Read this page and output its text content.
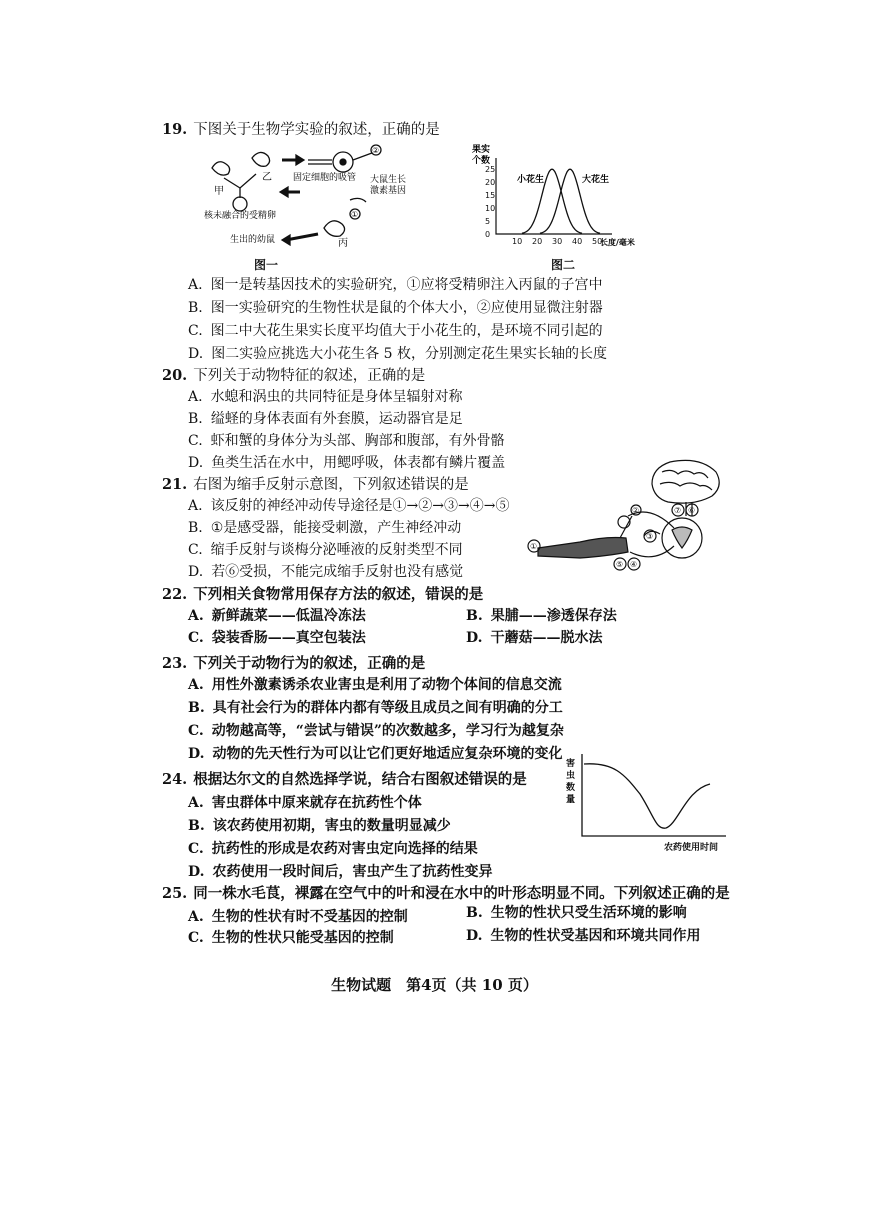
19. 下图关于生物学实验的叙述，正确的是
甲
乙 固定细胞的吸管 大鼠生长
激素基因
核未融合的受精卵
生出的幼鼠	丙
②
①
图一
10 20 30 40 50
0
5
10
15
20
25
果实
个数
小花生	大花生
长度/毫米
图二
A. 图一是转基因技术的实验研究，①应将受精卵注入丙鼠的子宫中
B. 图一实验研究的生物性状是鼠的个体大小，②应使用显微注射器
C. 图二中大花生果实长度平均值大于小花生的，是环境不同引起的
D. 图二实验应挑选大小花生各 5 枚，分别测定花生果实长轴的长度
20. 下列关于动物特征的叙述，正确的是
A. 水螅和涡虫的共同特征是身体呈辐射对称
B. 缢蛏的身体表面有外套膜，运动器官是足
C. 虾和蟹的身体分为头部、胸部和腹部，有外骨骼
D. 鱼类生活在水中，用鳃呼吸，体表都有鳞片覆盖
21. 右图为缩手反射示意图，下列叙述错误的是
A. 该反射的神经冲动传导途径是①→②→③→④→⑤
B. ①是感受器，能接受刺激，产生神经冲动
C. 缩手反射与谈梅分泌唾液的反射类型不同
D. 若⑥受损，不能完成缩手反射也没有感觉
①
②
③
④
⑤
⑥
⑦
22. 下列相关食物常用保存方法的叙述，错误的是
A. 新鲜蔬菜——低温冷冻法	B. 果脯——渗透保存法
C. 袋装香肠——真空包装法	D. 干蘑菇——脱水法
23. 下列关于动物行为的叙述，正确的是
A. 用性外激素诱杀农业害虫是利用了动物个体间的信息交流
B. 具有社会行为的群体内都有等级且成员之间有明确的分工
C. 动物越高等，“尝试与错误”的次数越多，学习行为越复杂
D. 动物的先天性行为可以让它们更好地适应复杂环境的变化
24. 根据达尔文的自然选择学说，结合右图叙述错误的是
A. 害虫群体中原来就存在抗药性个体
B. 该农药使用初期，害虫的数量明显减少
C. 抗药性的形成是农药对害虫定向选择的结果
D. 农药使用一段时间后，害虫产生了抗药性变异
害
虫
数
量
农药使用时间
25. 同一株水毛茛，裸露在空气中的叶和浸在水中的叶形态明显不同。下列叙述正确的是
A. 生物的性状有时不受基因的控制	B. 生物的性状只受生活环境的影响
C. 生物的性状只能受基因的控制	D. 生物的性状受基因和环境共同作用
生物试题　第4页（共 10 页）
